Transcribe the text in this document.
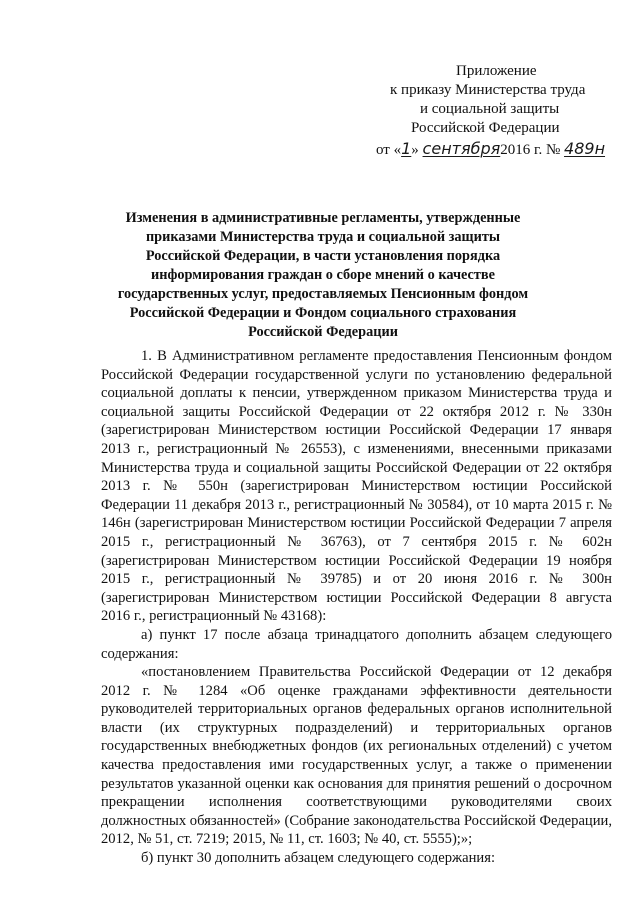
Приложение
к приказу Министерства труда
и социальной защиты
Российской Федерации
от «1» сентября2016 г. № 489н
Изменения в административные регламенты, утвержденные приказами Министерства труда и социальной защиты Российской Федерации, в части установления порядка информирования граждан о сборе мнений о качестве государственных услуг, предоставляемых Пенсионным фондом Российской Федерации и Фондом социального страхования Российской Федерации

1. В Административном регламенте предоставления Пенсионным фондом Российской Федерации государственной услуги по установлению федеральной социальной доплаты к пенсии, утвержденном приказом Министерства труда и социальной защиты Российской Федерации от 22 октября 2012 г. № 330н (зарегистрирован Министерством юстиции Российской Федерации 17 января 2013 г., регистрационный № 26553), с изменениями, внесенными приказами Министерства труда и социальной защиты Российской Федерации от 22 октября 2013 г. № 550н (зарегистрирован Министерством юстиции Российской Федерации 11 декабря 2013 г., регистрационный № 30584), от 10 марта 2015 г. № 146н (зарегистрирован Министерством юстиции Российской Федерации 7 апреля 2015 г., регистрационный № 36763), от 7 сентября 2015 г. № 602н (зарегистрирован Министерством юстиции Российской Федерации 19 ноября 2015 г., регистрационный № 39785) и от 20 июня 2016 г. № 300н (зарегистрирован Министерством юстиции Российской Федерации 8 августа 2016 г., регистрационный № 43168):

а) пункт 17 после абзаца тринадцатого дополнить абзацем следующего содержания:

«постановлением Правительства Российской Федерации от 12 декабря 2012 г. № 1284 «Об оценке гражданами эффективности деятельности руководителей территориальных органов федеральных органов исполнительной власти (их структурных подразделений) и территориальных органов государственных внебюджетных фондов (их региональных отделений) с учетом качества предоставления ими государственных услуг, а также о применении результатов указанной оценки как основания для принятия решений о досрочном прекращении исполнения соответствующими руководителями своих должностных обязанностей» (Собрание законодательства Российской Федерации, 2012, № 51, ст. 7219; 2015, № 11, ст. 1603; № 40, ст. 5555);»;

б) пункт 30 дополнить абзацем следующего содержания:
